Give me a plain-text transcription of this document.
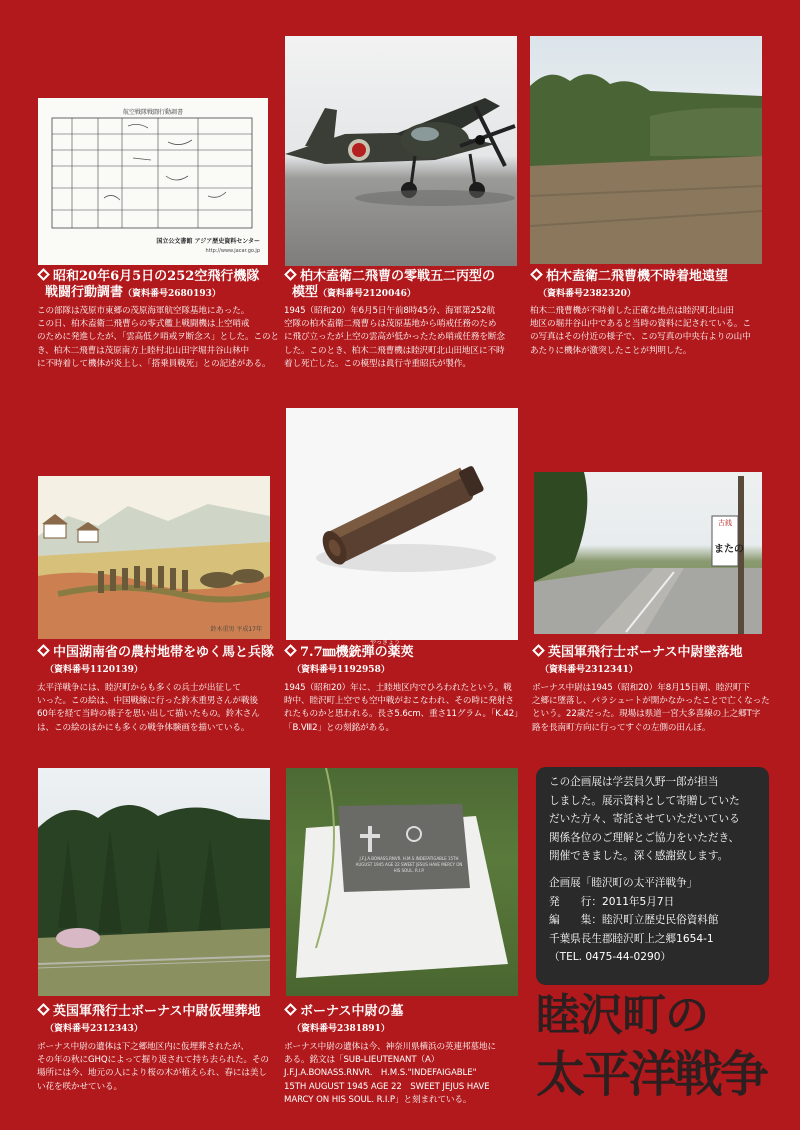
航空戦隊戦闘行動調書
国立公文書館 アジア歴史資料センター
http://www.jacar.go.jp
昭和20年6月5日の252空飛行機隊
戦闘行動調書（資料番号2680193）
この部隊は茂原市東郷の茂原海軍航空隊基地にあった。
この日、柏木盍衛二飛曹らの零式艦上戦闘機は上空哨戒
のために発進したが、「雲高低ク哨戒ヲ断念ス」とした。このと
き、柏木二飛曹は茂原南方上睦村北山田字堀井谷山林中
に不時着して機体が炎上し、「搭乗員戦死」との記述がある。
柏木盍衛二飛曹の零戦五二丙型の
模型（資料番号2120046）
1945（昭和20）年6月5日午前8時45分、海軍第252航
空隊の柏木盍衛二飛曹らは茂原基地から哨戒任務のため
に飛び立ったが上空の雲高が低かったため哨戒任務を断念
した。このとき、柏木二飛曹機は睦沢町北山田地区に不時
着し死亡した。この模型は眞行寺重昭氏が製作。
柏木盍衛二飛曹機不時着地遠望
（資料番号2382320）
柏木二飛曹機が不時着した正確な地点は睦沢町北山田
地区の堀井谷山中であると当時の資料に記されている。こ
の写真はその付近の様子で、この写真の中央右よりの山中
あたりに機体が激突したことが判明した。
鈴木重男 平成17年
古銭
またの
中国湖南省の農村地帯をゆく馬と兵隊
（資料番号1120139）
太平洋戦争には、睦沢町からも多くの兵士が出征して
いった。この絵は、中国戦線に行った鈴木重男さんが戦後
60年を経て当時の様子を思い出して描いたもの。鈴木さん
は、この絵のほかにも多くの戦争体験画を描いている。
やっきょう
7.7㎜機銃弾の薬莢
（資料番号1192958）
1945（昭和20）年に、土睦地区内でひろわれたという。戦
時中、睦沢町上空でも空中戦がおこなわれ、その時に発射さ
れたものかと思われる。長さ5.6cm、重さ11グラム。「K.42」
「B.Ⅷ2」との刻銘がある。
英国軍飛行士ボーナス中尉墜落地
（資料番号2312341）
ボーナス中尉は1945（昭和20）年8月15日朝、睦沢町下
之郷に墜落し、パラシュートが開かなかったことで亡くなった
という。22歳だった。現場は県道一宮大多喜線の上之郷T字
路を長南町方向に行ってすぐの左側の田んぼ。
J.F.J.A.BONASS.RNVR. H.M.S.INDEFATIGABLE 15TH AUGUST 1945 AGE 22 SWEET JESUS HAVE MERCY ON HIS SOUL. R.I.P.
英国軍飛行士ボーナス中尉仮埋葬地
（資料番号2312343）
ボーナス中尉の遺体は下之郷地区内に仮埋葬されたが、
その年の秋にGHQによって掘り返されて持ち去られた。その
場所には今、地元の人により桜の木が植えられ、春には美し
い花を咲かせている。
ボーナス中尉の墓
（資料番号2381891）
ボーナス中尉の遺体は今、神奈川県横浜の英連邦墓地に
ある。銘文は「SUB-LIEUTENANT（A）
J.F.J.A.BONASS.RNVR.　H.M.S."INDEFAIGABLE"
15TH AUGUST 1945 AGE 22　SWEET JEJUS HAVE
MARCY ON HIS SOUL. R.I.P」と刻まれている。
この企画展は学芸員久野一郎が担当
しました。展示資料として寄贈していた
だいた方々、寄託させていただいている
関係各位のご理解とご協力をいただき、
開催できました。深く感謝致します。
企画展「睦沢町の太平洋戦争」
発　　行：2011年5月7日
編　　集：睦沢町立歴史民俗資料館
千葉県長生郡睦沢町上之郷1654-1
（TEL. 0475-44-0290）
睦沢町の
太平洋戦争
